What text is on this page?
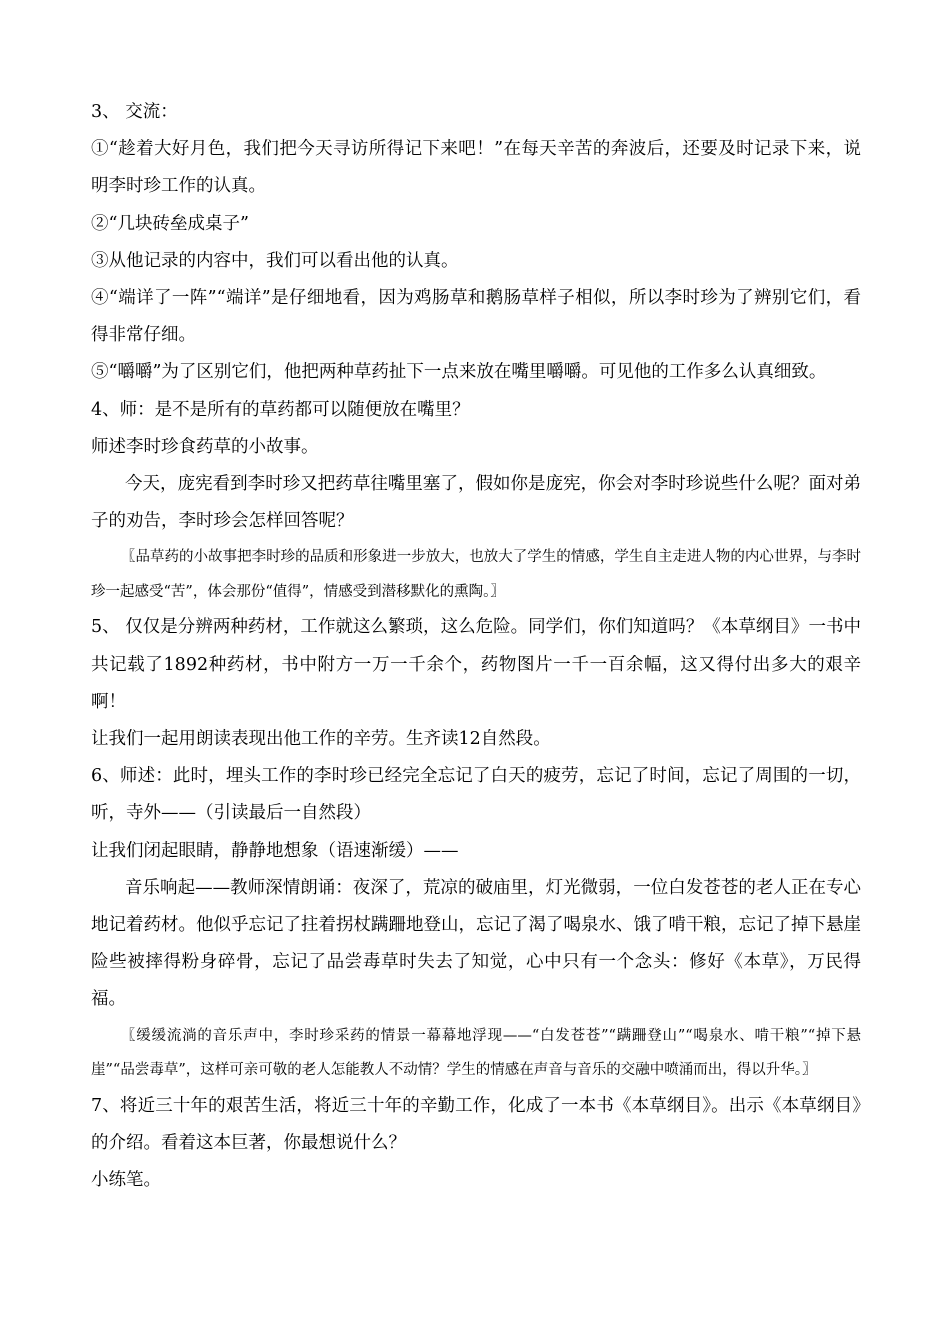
3、 交流：

①“趁着大好月色，我们把今天寻访所得记下来吧！”在每天辛苦的奔波后，还要及时记录下来，说明李时珍工作的认真。

②“几块砖垒成桌子”

③从他记录的内容中，我们可以看出他的认真。

④“端详了一阵”“端详”是仔细地看，因为鸡肠草和鹅肠草样子相似，所以李时珍为了辨别它们，看得非常仔细。

⑤“嚼嚼”为了区别它们，他把两种草药扯下一点来放在嘴里嚼嚼。可见他的工作多么认真细致。

4、师：是不是所有的草药都可以随便放在嘴里？

师述李时珍食药草的小故事。

今天，庞宪看到李时珍又把药草往嘴里塞了，假如你是庞宪，你会对李时珍说些什么呢？面对弟子的劝告，李时珍会怎样回答呢？

〖品草药的小故事把李时珍的品质和形象进一步放大，也放大了学生的情感，学生自主走进人物的内心世界，与李时珍一起感受“苦”，体会那份“值得”，情感受到潜移默化的熏陶。〗

5、 仅仅是分辨两种药材，工作就这么繁琐，这么危险。同学们，你们知道吗？《本草纲目》一书中共记载了1892种药材，书中附方一万一千余个，药物图片一千一百余幅，这又得付出多大的艰辛啊！

让我们一起用朗读表现出他工作的辛劳。生齐读12自然段。

6、师述：此时，埋头工作的李时珍已经完全忘记了白天的疲劳，忘记了时间，忘记了周围的一切，听，寺外——（引读最后一自然段）

让我们闭起眼睛，静静地想象（语速渐缓）——

音乐响起——教师深情朗诵：夜深了，荒凉的破庙里，灯光微弱，一位白发苍苍的老人正在专心地记着药材。他似乎忘记了拄着拐杖蹒跚地登山，忘记了渴了喝泉水、饿了啃干粮，忘记了掉下悬崖险些被摔得粉身碎骨，忘记了品尝毒草时失去了知觉，心中只有一个念头：修好《本草》，万民得福。

〖缓缓流淌的音乐声中，李时珍采药的情景一幕幕地浮现——“白发苍苍”“蹒跚登山”“喝泉水、啃干粮”“掉下悬崖”“品尝毒草”，这样可亲可敬的老人怎能教人不动情？学生的情感在声音与音乐的交融中喷涌而出，得以升华。〗

7、将近三十年的艰苦生活，将近三十年的辛勤工作，化成了一本书《本草纲目》。出示《本草纲目》的介绍。看着这本巨著，你最想说什么？

小练笔。
